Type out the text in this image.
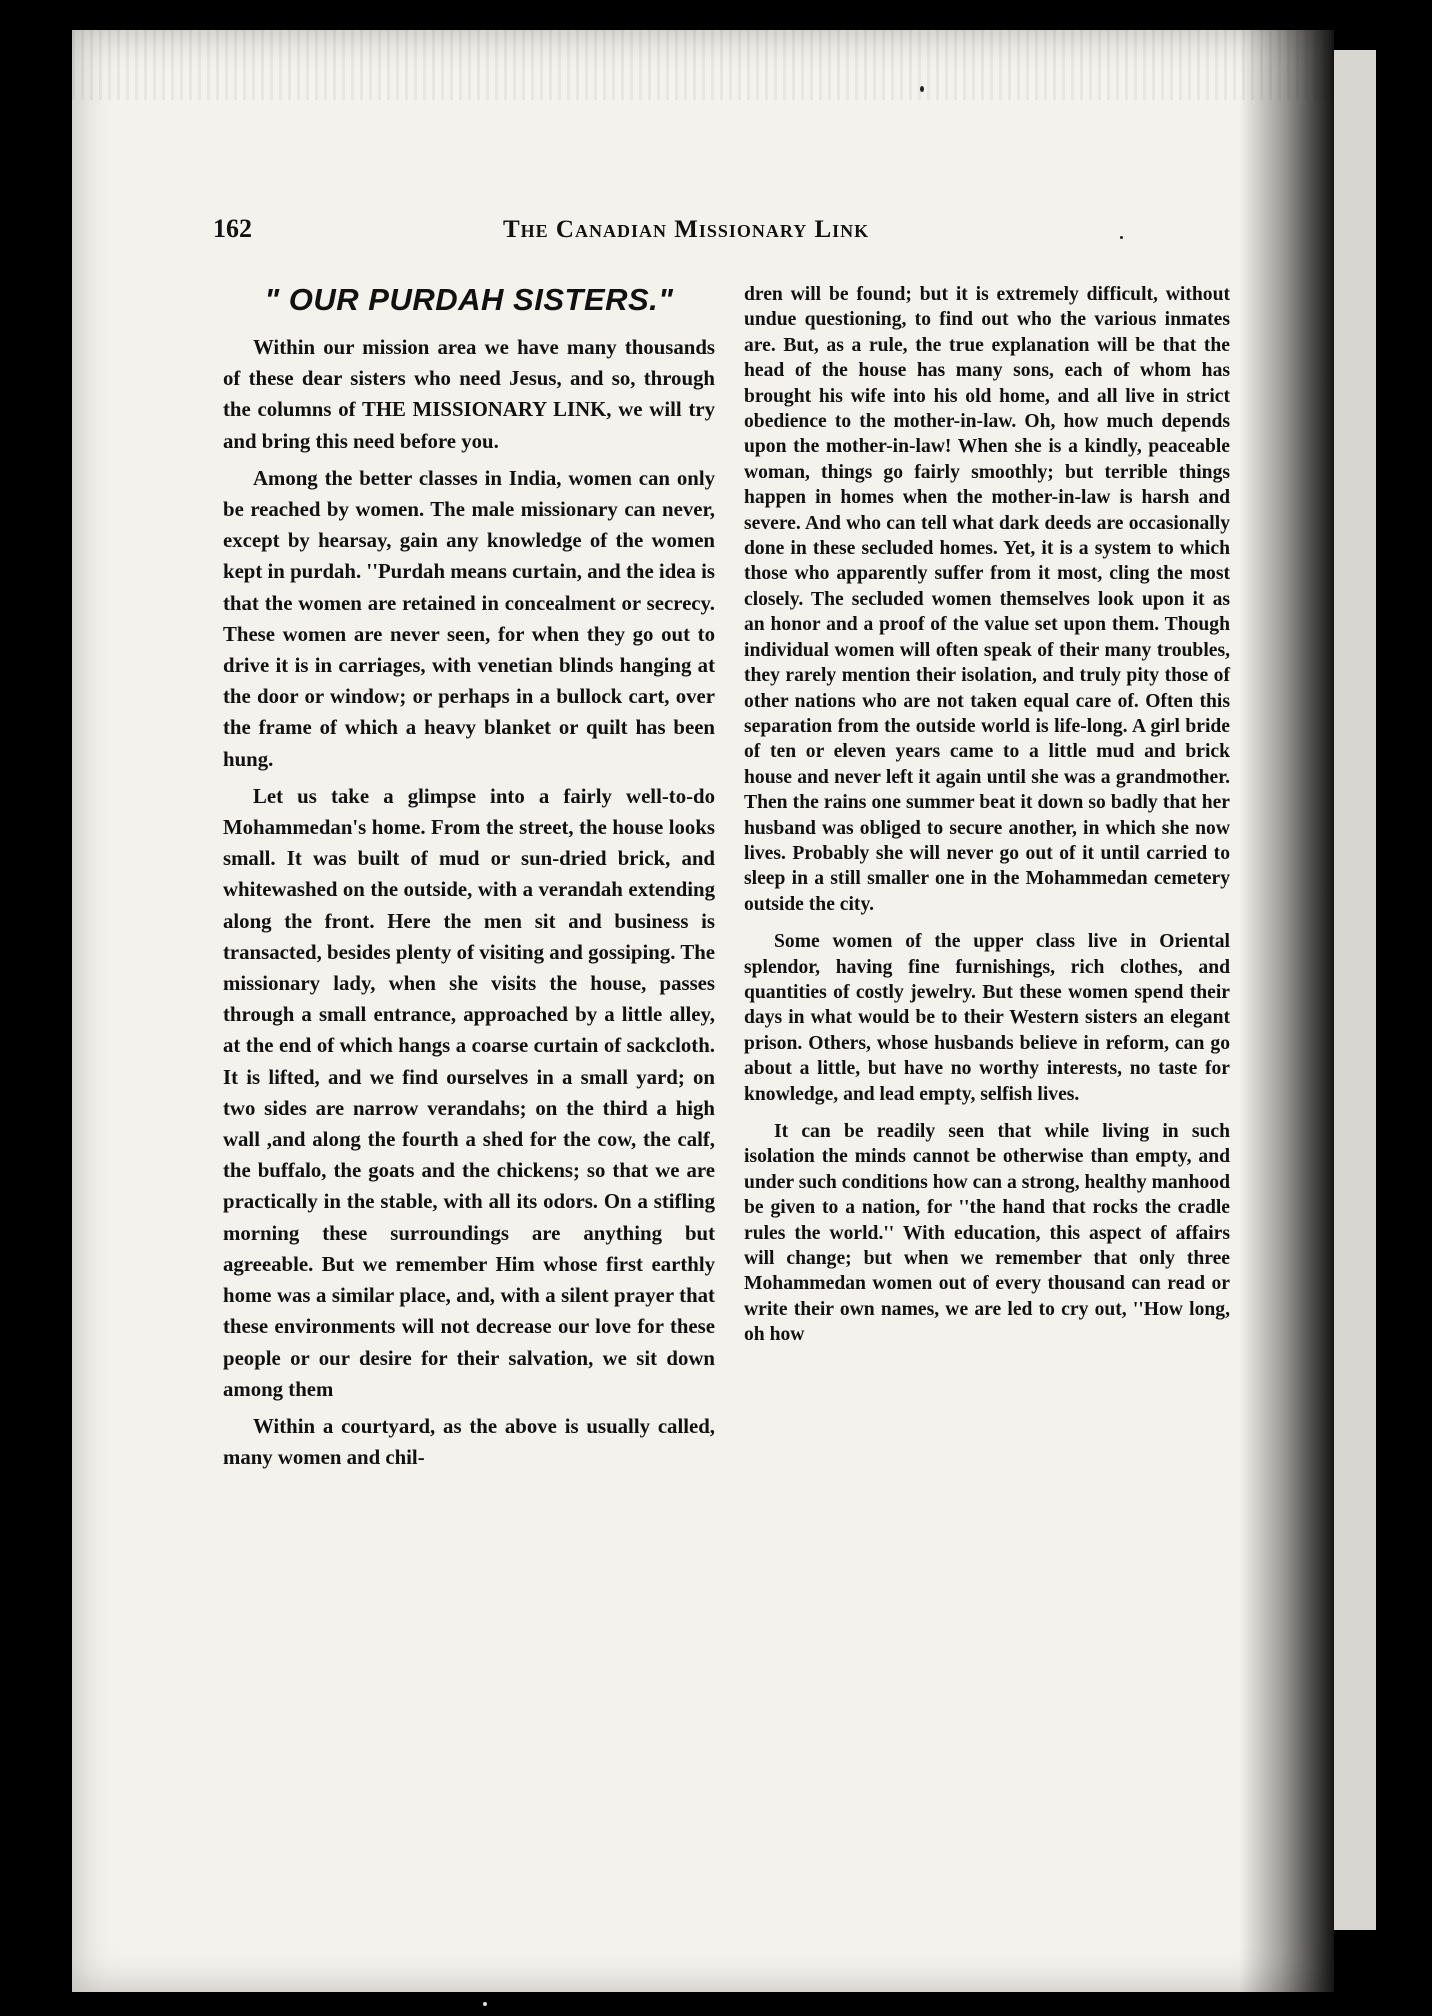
162	The Canadian Missionary Link
" OUR PURDAH SISTERS."

Within our mission area we have many thousands of these dear sisters who need Jesus, and so, through the columns of THE MISSIONARY LINK, we will try and bring this need before you.

Among the better classes in India, women can only be reached by women. The male missionary can never, except by hearsay, gain any knowledge of the women kept in purdah. ''Purdah means curtain, and the idea is that the women are retained in concealment or secrecy. These women are never seen, for when they go out to drive it is in carriages, with venetian blinds hanging at the door or window; or perhaps in a bullock cart, over the frame of which a heavy blanket or quilt has been hung.

Let us take a glimpse into a fairly well-to-do Mohammedan's home. From the street, the house looks small. It was built of mud or sun-dried brick, and whitewashed on the outside, with a verandah extending along the front. Here the men sit and business is transacted, besides plenty of visiting and gossiping. The missionary lady, when she visits the house, passes through a small entrance, approached by a little alley, at the end of which hangs a coarse curtain of sackcloth. It is lifted, and we find ourselves in a small yard; on two sides are narrow verandahs; on the third a high wall ,and along the fourth a shed for the cow, the calf, the buffalo, the goats and the chickens; so that we are practically in the stable, with all its odors. On a stifling morning these surroundings are anything but agreeable. But we remember Him whose first earthly home was a similar place, and, with a silent prayer that these environments will not decrease our love for these people or our desire for their salvation, we sit down among them

Within a courtyard, as the above is usually called, many women and chil-

dren will be found; but it is extremely difficult, without undue questioning, to find out who the various inmates are. But, as a rule, the true explanation will be that the head of the house has many sons, each of whom has brought his wife into his old home, and all live in strict obedience to the mother-in-law. Oh, how much depends upon the mother-in-law! When she is a kindly, peaceable woman, things go fairly smoothly; but terrible things happen in homes when the mother-in-law is harsh and severe. And who can tell what dark deeds are occasionally done in these secluded homes. Yet, it is a system to which those who apparently suffer from it most, cling the most closely. The secluded women themselves look upon it as an honor and a proof of the value set upon them. Though individual women will often speak of their many troubles, they rarely mention their isolation, and truly pity those of other nations who are not taken equal care of. Often this separation from the outside world is life-long. A girl bride of ten or eleven years came to a little mud and brick house and never left it again until she was a grandmother. Then the rains one summer beat it down so badly that her husband was obliged to secure another, in which she now lives. Probably she will never go out of it until carried to sleep in a still smaller one in the Mohammedan cemetery outside the city.

Some women of the upper class live in Oriental splendor, having fine furnishings, rich clothes, and quantities of costly jewelry. But these women spend their days in what would be to their Western sisters an elegant prison. Others, whose husbands believe in reform, can go about a little, but have no worthy interests, no taste for knowledge, and lead empty, selfish lives.

It can be readily seen that while living in such isolation the minds cannot be otherwise than empty, and under such conditions how can a strong, healthy manhood be given to a nation, for ''the hand that rocks the cradle rules the world.'' With education, this aspect of affairs will change; but when we remember that only three Mohammedan women out of every thousand can read or write their own names, we are led to cry out, ''How long, oh how
